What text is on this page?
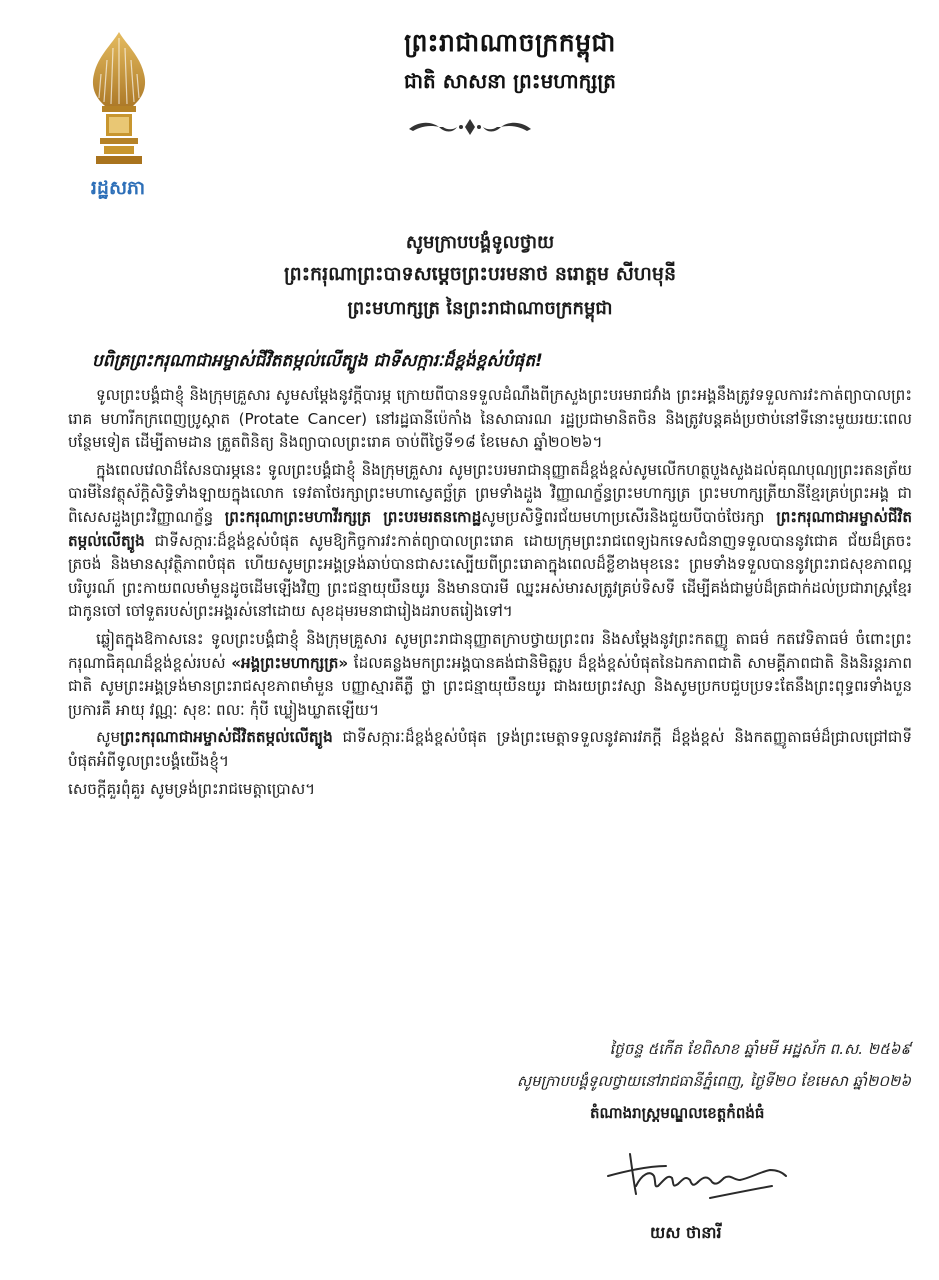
រដ្ឋសភា
ព្រះរាជាណាចក្រកម្ពុជា
ជាតិ សាសនា ព្រះមហាក្សត្រ
សូមក្រាបបង្គំទូលថ្វាយ
ព្រះករុណាព្រះបាទសម្តេចព្រះបរមនាថ នរោត្តម សីហមុនី
ព្រះមហាក្សត្រ នៃព្រះរាជាណាចក្រកម្ពុជា
បពិត្រព្រះករុណាជាអម្ចាស់ជីវិតតម្កល់លើត្បូង ជាទីសក្ការៈដ៏ខ្ពង់ខ្ពស់បំផុត!

ទូលព្រះបង្គំជាខ្ញុំ និងក្រុមគ្រួសារ សូមសម្តែងនូវក្តីបារម្ភ ក្រោយពីបានទទួលដំណឹងពីក្រសួងព្រះបរមរាជវាំង ព្រះអង្គនឹងត្រូវទទួលការវះកាត់ព្យាបាលព្រះរោគ មហារីកក្រពេញប្រូស្តាត (Protate Cancer) នៅរដ្ឋធានីប៉េកាំង នៃសាធារណ រដ្ឋប្រជាមានិតចិន និងត្រូវបន្តគង់ប្រថាប់នៅទីនោះមួយរយៈពេលបន្ថែមទៀត ដើម្បីតាមដាន ត្រួតពិនិត្យ និងព្យាបាលព្រះរោគ ចាប់ពីថ្ងៃទី១៨ ខែមេសា ឆ្នាំ២០២៦។

ក្នុងពេលវេលាដ៏សែនបារម្ភនេះ ទូលព្រះបង្គំជាខ្ញុំ និងក្រុមគ្រួសារ សូមព្រះបរមរាជានុញ្ញាតដ៏ខ្ពង់ខ្ពស់សូមលើកហត្ថបួងសួងដល់គុណបុណ្យព្រះរតនត្រ័យ បារមីនៃវត្ថុស័ក្តិសិទ្ធិទាំងឡាយក្នុងលោក ទេវតាថែរក្សាព្រះមហាស្វេតច្ឆ័ត្រ ព្រមទាំងដួង វិញ្ញាណក្ខ័ន្ធព្រះមហាក្សត្រ ព្រះមហាក្សត្រីយានីខ្មែរគ្រប់ព្រះអង្គ ជាពិសេសដួងព្រះវិញ្ញាណក្ខ័ន្ធ ព្រះករុណាព្រះមហាវីរក្សត្រ ព្រះបរមរតនកោដ្ឋសូមប្រសិទ្ធិពរជ័យមហាប្រសើរនិងជួយបីបាច់ថែរក្សា ព្រះករុណាជាអម្ចាស់ជីវិតតម្កល់លើត្បូង ជាទីសក្ការៈដ៏ខ្ពង់ខ្ពស់បំផុត សូមឱ្យកិច្ចការវះកាត់ព្យាបាលព្រះរោគ ដោយក្រុមព្រះរាជពេទ្យឯកទេសជំនាញទទួលបាននូវជោគ ជ័យដ៏ត្រចះត្រចង់ និងមានសុវត្ថិភាពបំផុត ហើយសូមព្រះអង្គទ្រង់ឆាប់បានជាសះស្បើយពីព្រះរោគាក្នុងពេលដ៏ខ្លីខាងមុខនេះ ព្រមទាំងទទួលបាននូវព្រះរាជសុខភាពល្អបរិបូរណ៍ ព្រះកាយពលមាំមួនដូចដើមឡើងវិញ ព្រះជន្មាយុយឺនយូរ និងមានបារមី ឈ្នះអស់មារសត្រូវគ្រប់ទិសទី ដើម្បីគង់ជាម្លប់ដ៏ត្រជាក់ដល់ប្រជារាស្ត្រខ្មែរ ជាកូនចៅ ចៅទួតរបស់ព្រះអង្គរស់នៅដោយ សុខដុមរមនាជារៀងដរាបតរៀងទៅ។

ឆ្លៀតក្នុងឱកាសនេះ ទូលព្រះបង្គំជាខ្ញុំ និងក្រុមគ្រួសារ សូមព្រះរាជានុញ្ញាតក្រាបថ្វាយព្រះពរ និងសម្តែងនូវព្រះកតញ្ញូ តាធម៌ កតវេទិតាធម៌ ចំពោះព្រះករុណាធិគុណដ៏ខ្ពង់ខ្ពស់របស់ «អង្គព្រះមហាក្សត្រ» ដែលគន្លងមកព្រះអង្គបានគង់ជានិមិត្តរូប ដ៏ខ្ពង់ខ្ពស់បំផុតនៃឯកភាពជាតិ សាមគ្គីភាពជាតិ និងនិរន្តរភាពជាតិ សូមព្រះអង្គទ្រង់មានព្រះរាជសុខភាពមាំមួន បញ្ញាស្មារតីភ្លឺ ថ្លា ព្រះជន្មាយុយឺនយូរ ជាងរយព្រះវស្សា និងសូមប្រកបជួបប្រទះតែនឹងព្រះពុទ្ធពរទាំងបួនប្រការគឺ អាយុ វណ្ណៈ សុខៈ ពលៈ កុំបី ឃ្លៀងឃ្លាតឡើយ។

សូមព្រះករុណាជាអម្ចាស់ជីវិតតម្កល់លើត្បូង ជាទីសក្ការៈដ៏ខ្ពង់ខ្ពស់បំផុត ទ្រង់ព្រះមេត្តាទទួលនូវគារវភក្តី ដ៏ខ្ពង់ខ្ពស់ និងកតញ្ញូតាធម៌ដ៏ជ្រាលជ្រៅជាទីបំផុតអំពីទូលព្រះបង្គំយើងខ្ញុំ។

សេចក្តីគួរពុំគួរ សូមទ្រង់ព្រះរាជមេត្តាប្រោស។

ថ្ងៃចន្ទ ៥កើត ខែពិសាខ ឆ្នាំមមី អដ្ឋស័ក ព.ស. ២៥៦៩
សូមក្រាបបង្គំទូលថ្វាយនៅរាជធានីភ្នំពេញ, ថ្ងៃទី២០ ខែមេសា ឆ្នាំ២០២៦
តំណាងរាស្ត្រមណ្ឌលខេត្តកំពង់ធំ
យស ថានារី
